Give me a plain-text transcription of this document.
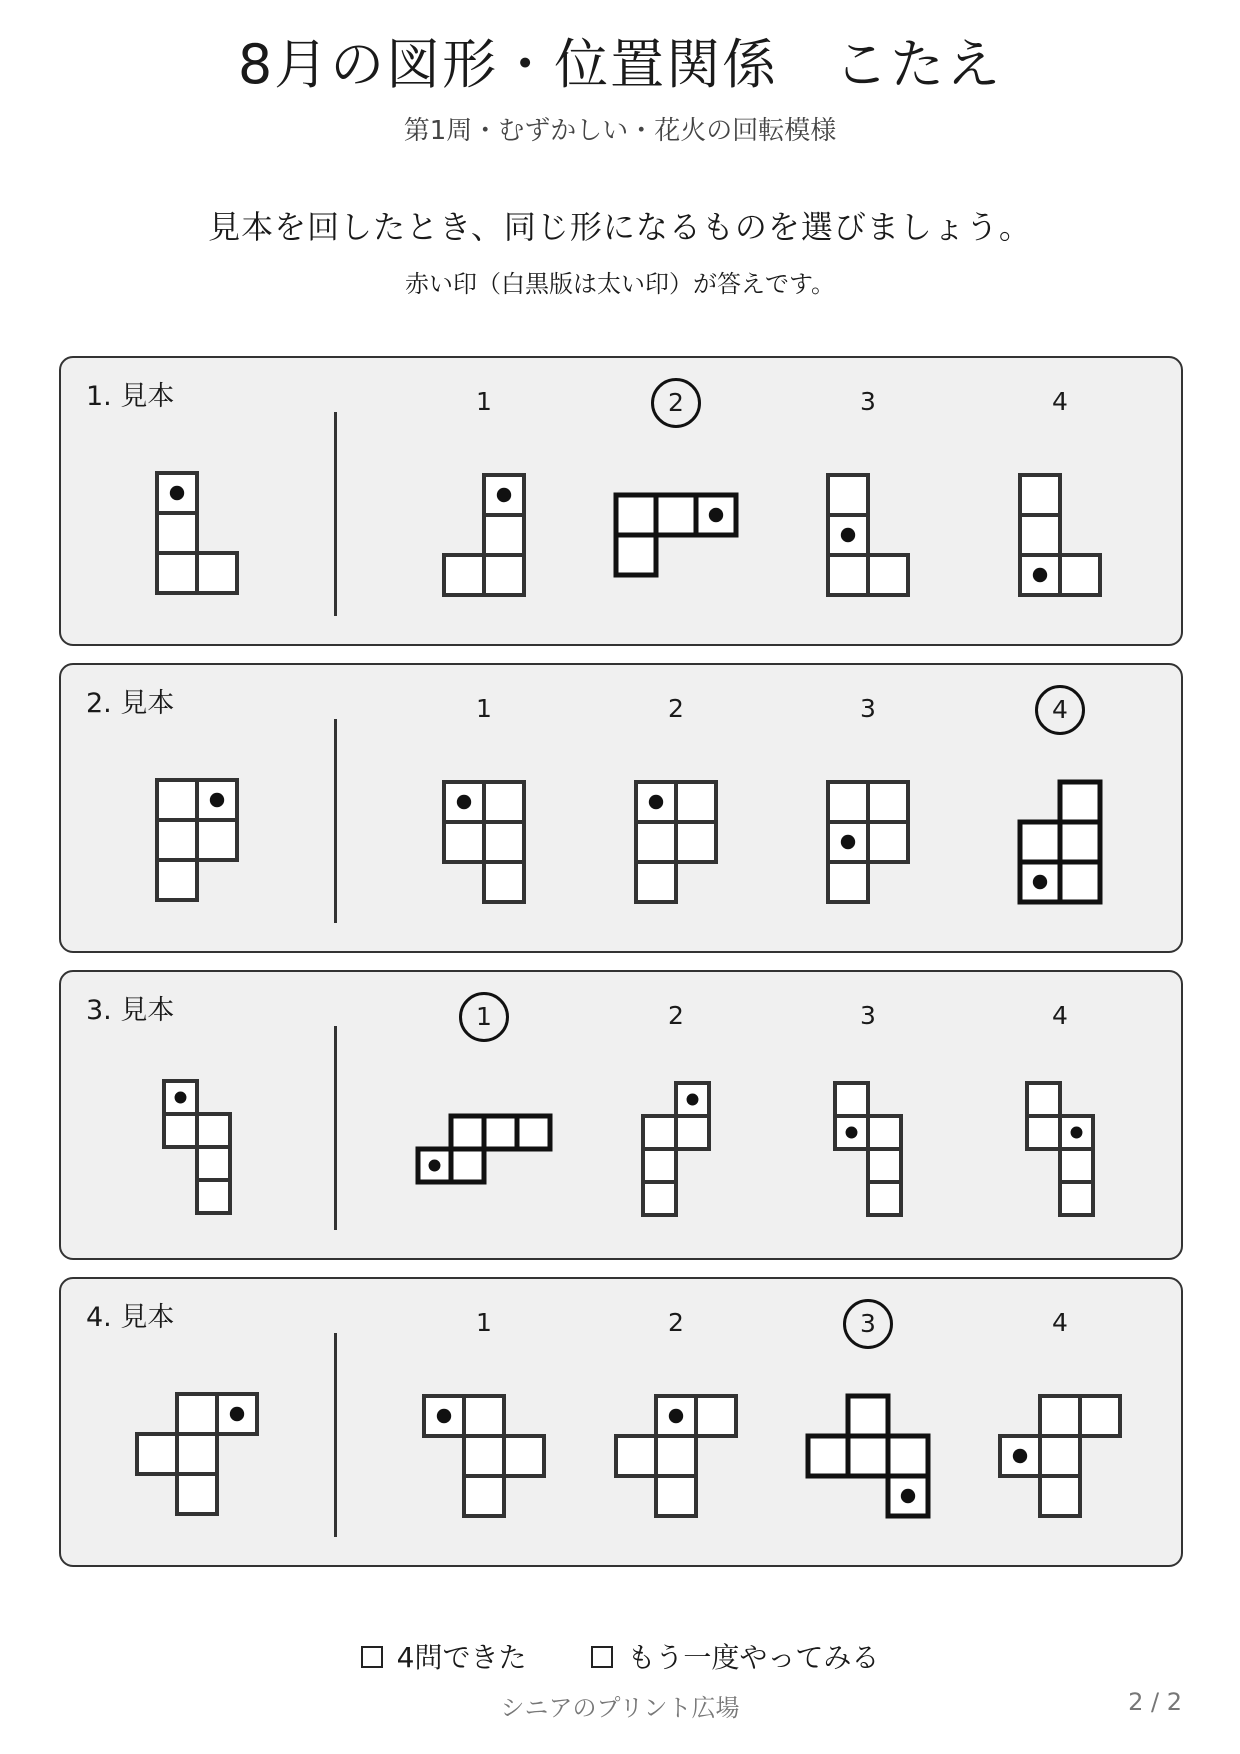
8月の図形・位置関係　こたえ
第1周・むずかしい・花火の回転模様
見本を回したとき、同じ形になるものを選びましょう。
赤い印（白黒版は太い印）が答えです。
1. 見本	1	2	3	4
2. 見本	1	2	3	4
3. 見本	1	2	3	4
4. 見本	1	2	3	4
4問できた	もう一度やってみる
シニアのプリント広場	2 / 2
